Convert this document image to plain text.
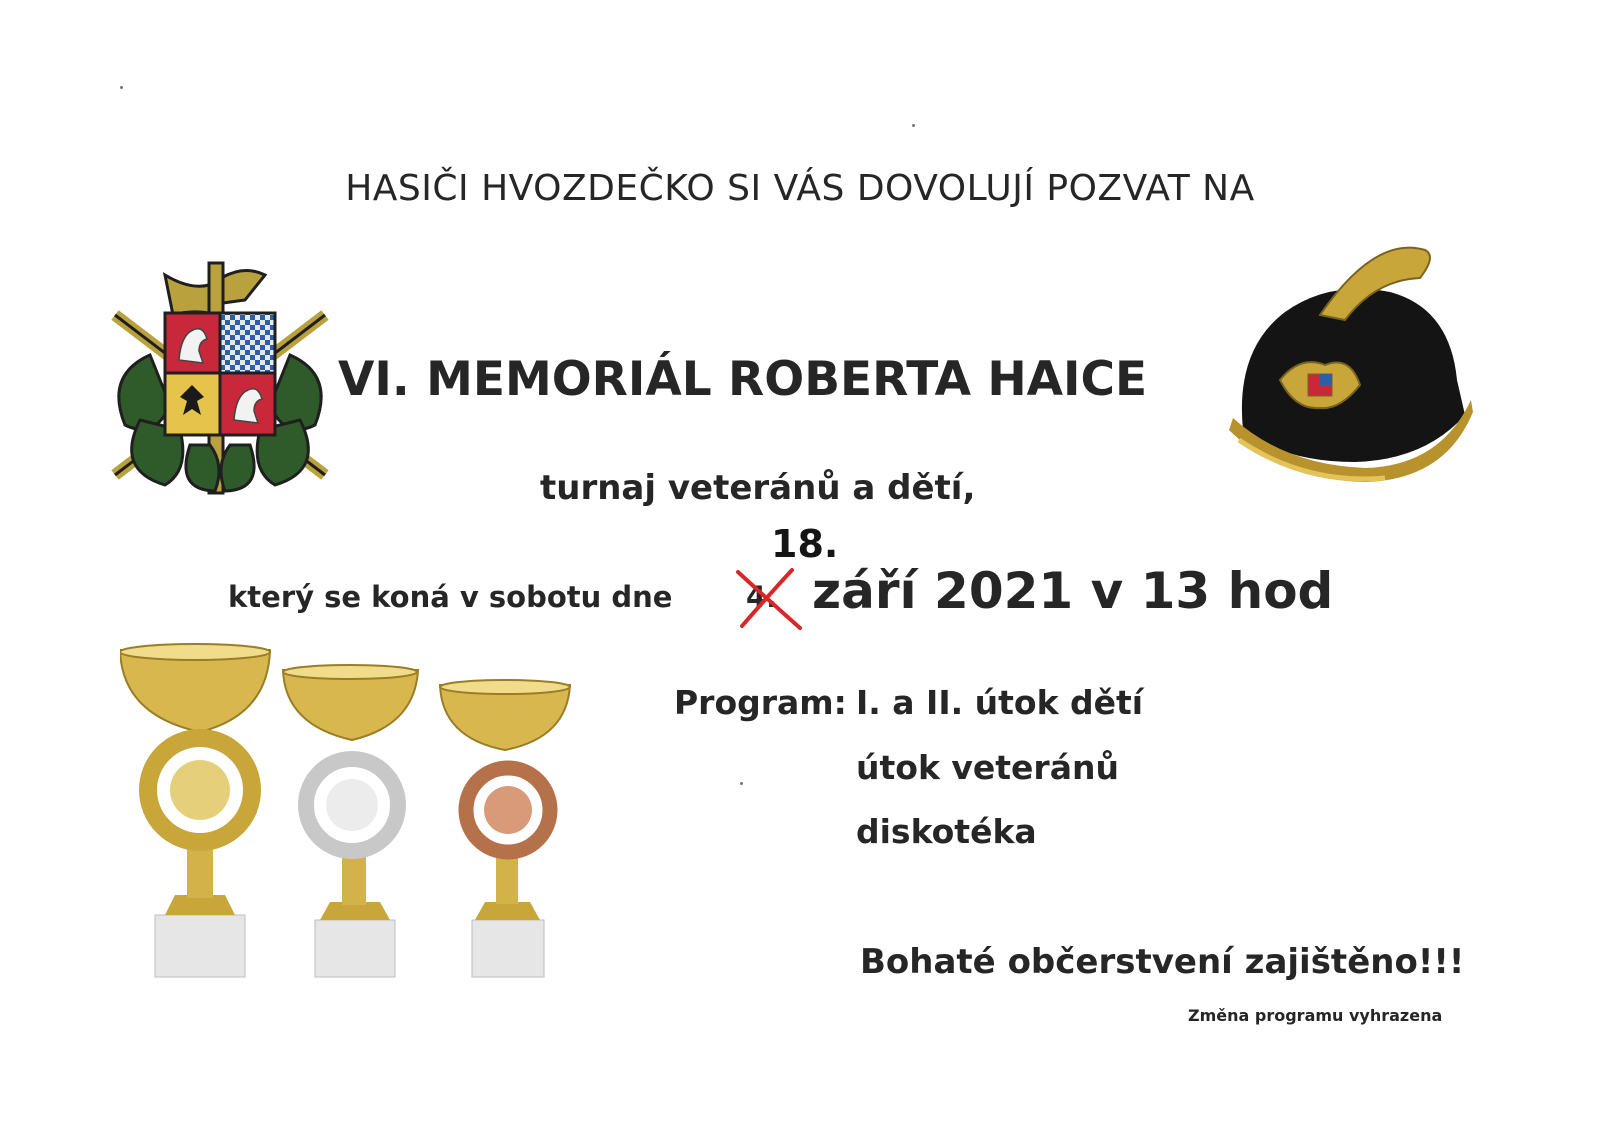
HASIČI HVOZDEČKO SI VÁS DOVOLUJÍ POZVAT NA
VI. MEMORIÁL ROBERTA HAICE
turnaj veteránů a dětí,
který se koná v sobotu dne	4.
18.
září 2021 v 13 hod
Program: I. a II. útok dětí
útok veteránů
diskotéka
Bohaté občerstvení zajištěno!!!
Změna programu vyhrazena
